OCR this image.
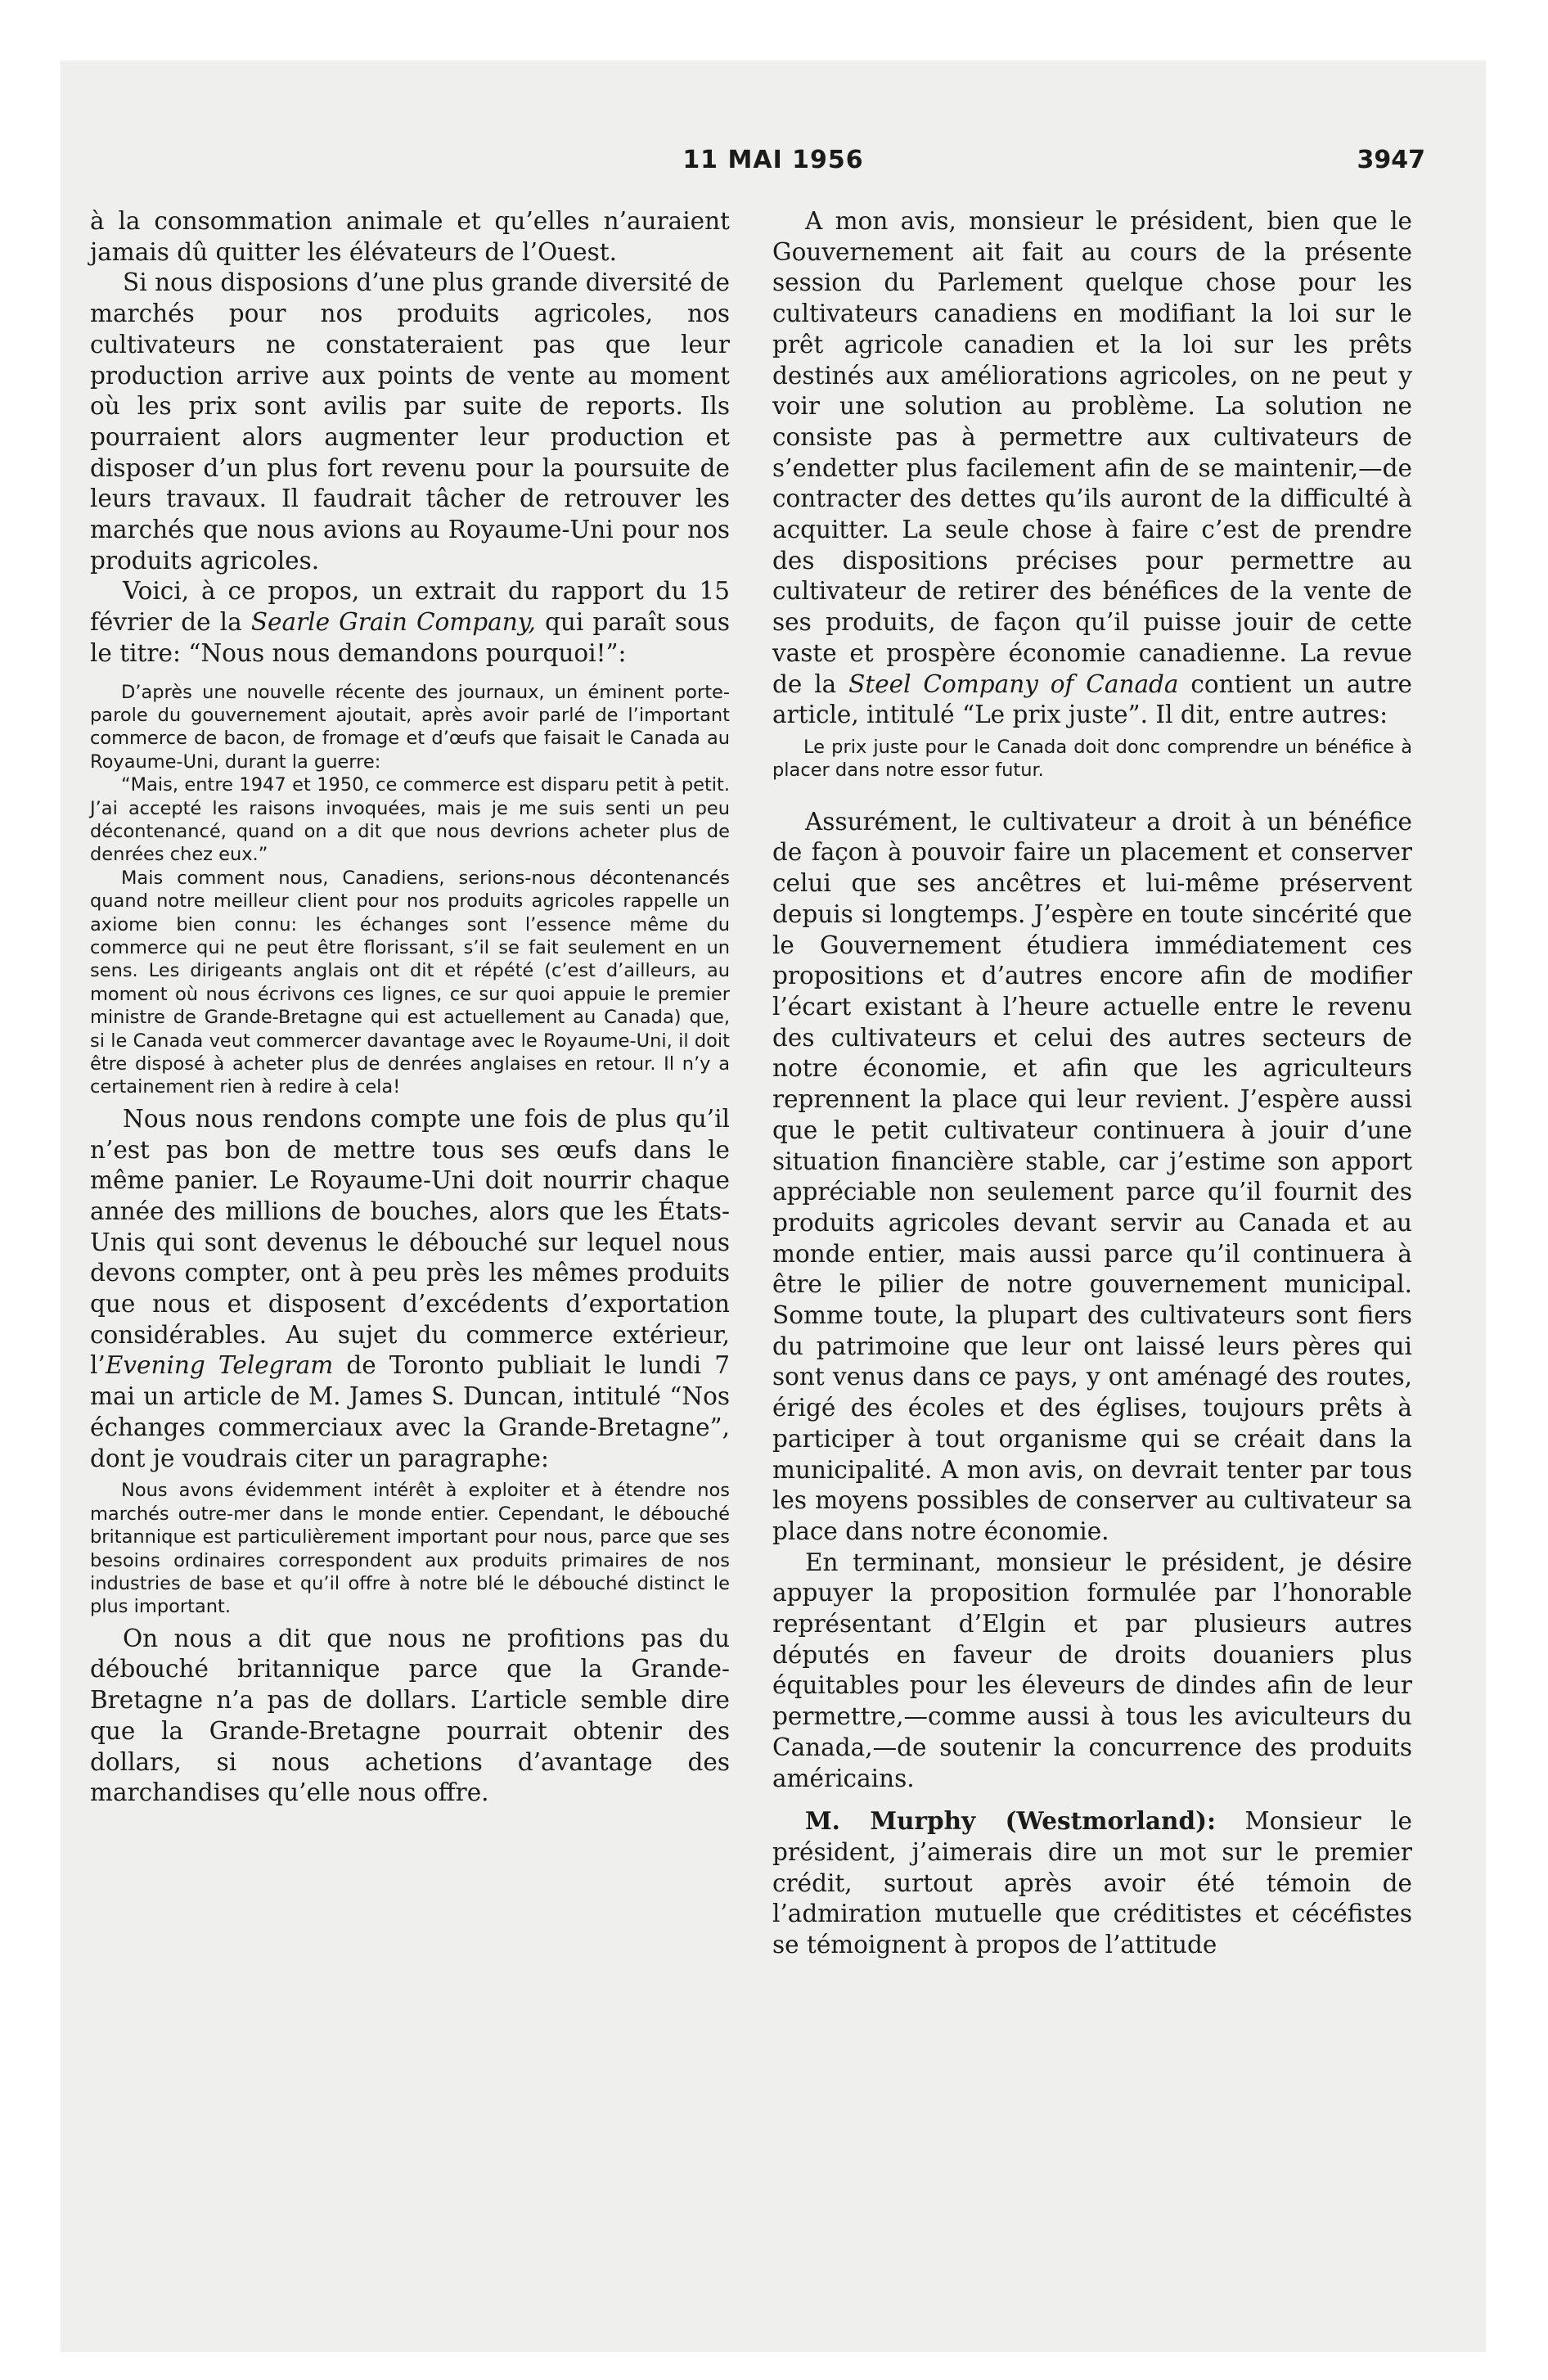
11 MAI 1956	3947

à la consommation animale et qu’elles n’auraient jamais dû quitter les élévateurs de l’Ouest.

Si nous disposions d’une plus grande diversité de marchés pour nos produits agricoles, nos cultivateurs ne constateraient pas que leur production arrive aux points de vente au moment où les prix sont avilis par suite de reports. Ils pourraient alors augmenter leur production et disposer d’un plus fort revenu pour la poursuite de leurs travaux. Il faudrait tâcher de retrouver les marchés que nous avions au Royaume-Uni pour nos produits agricoles.

Voici, à ce propos, un extrait du rapport du 15 février de la Searle Grain Company, qui paraît sous le titre: “Nous nous demandons pourquoi!”:

D’après une nouvelle récente des journaux, un éminent porte-parole du gouvernement ajoutait, après avoir parlé de l’important commerce de bacon, de fromage et d’œufs que faisait le Canada au Royaume-Uni, durant la guerre:

“Mais, entre 1947 et 1950, ce commerce est disparu petit à petit. J’ai accepté les raisons invoquées, mais je me suis senti un peu décontenancé, quand on a dit que nous devrions acheter plus de denrées chez eux.”

Mais comment nous, Canadiens, serions-nous décontenancés quand notre meilleur client pour nos produits agricoles rappelle un axiome bien connu: les échanges sont l’essence même du commerce qui ne peut être florissant, s’il se fait seulement en un sens. Les dirigeants anglais ont dit et répété (c’est d’ailleurs, au moment où nous écrivons ces lignes, ce sur quoi appuie le premier ministre de Grande-Bretagne qui est actuellement au Canada) que, si le Canada veut commercer davantage avec le Royaume-Uni, il doit être disposé à acheter plus de denrées anglaises en retour. Il n’y a certainement rien à redire à cela!

Nous nous rendons compte une fois de plus qu’il n’est pas bon de mettre tous ses œufs dans le même panier. Le Royaume-Uni doit nourrir chaque année des millions de bouches, alors que les États-Unis qui sont devenus le débouché sur lequel nous devons compter, ont à peu près les mêmes produits que nous et disposent d’excédents d’exportation considérables. Au sujet du commerce extérieur, l’Evening Telegram de Toronto publiait le lundi 7 mai un article de M. James S. Duncan, intitulé “Nos échanges commerciaux avec la Grande-Bretagne”, dont je voudrais citer un paragraphe:

Nous avons évidemment intérêt à exploiter et à étendre nos marchés outre-mer dans le monde entier. Cependant, le débouché britannique est particulièrement important pour nous, parce que ses besoins ordinaires correspondent aux produits primaires de nos industries de base et qu’il offre à notre blé le débouché distinct le plus important.

On nous a dit que nous ne profitions pas du débouché britannique parce que la Grande-Bretagne n’a pas de dollars. L’article semble dire que la Grande-Bretagne pourrait obtenir des dollars, si nous achetions d’avantage des marchandises qu’elle nous offre.

A mon avis, monsieur le président, bien que le Gouvernement ait fait au cours de la présente session du Parlement quelque chose pour les cultivateurs canadiens en modifiant la loi sur le prêt agricole canadien et la loi sur les prêts destinés aux améliorations agricoles, on ne peut y voir une solution au problème. La solution ne consiste pas à permettre aux cultivateurs de s’endetter plus facilement afin de se maintenir,—de contracter des dettes qu’ils auront de la difficulté à acquitter. La seule chose à faire c’est de prendre des dispositions précises pour permettre au cultivateur de retirer des bénéfices de la vente de ses produits, de façon qu’il puisse jouir de cette vaste et prospère économie canadienne. La revue de la Steel Company of Canada contient un autre article, intitulé “Le prix juste”. Il dit, entre autres:

Le prix juste pour le Canada doit donc comprendre un bénéfice à placer dans notre essor futur.

Assurément, le cultivateur a droit à un bénéfice de façon à pouvoir faire un placement et conserver celui que ses ancêtres et lui-même préservent depuis si longtemps. J’espère en toute sincérité que le Gouvernement étudiera immédiatement ces propositions et d’autres encore afin de modifier l’écart existant à l’heure actuelle entre le revenu des cultivateurs et celui des autres secteurs de notre économie, et afin que les agriculteurs reprennent la place qui leur revient. J’espère aussi que le petit cultivateur continuera à jouir d’une situation financière stable, car j’estime son apport appréciable non seulement parce qu’il fournit des produits agricoles devant servir au Canada et au monde entier, mais aussi parce qu’il continuera à être le pilier de notre gouvernement municipal. Somme toute, la plupart des cultivateurs sont fiers du patrimoine que leur ont laissé leurs pères qui sont venus dans ce pays, y ont aménagé des routes, érigé des écoles et des églises, toujours prêts à participer à tout organisme qui se créait dans la municipalité. A mon avis, on devrait tenter par tous les moyens possibles de conserver au cultivateur sa place dans notre économie.

En terminant, monsieur le président, je désire appuyer la proposition formulée par l’honorable représentant d’Elgin et par plusieurs autres députés en faveur de droits douaniers plus équitables pour les éleveurs de dindes afin de leur permettre,—comme aussi à tous les aviculteurs du Canada,—de soutenir la concurrence des produits américains.

M. Murphy (Westmorland): Monsieur le président, j’aimerais dire un mot sur le premier crédit, surtout après avoir été témoin de l’admiration mutuelle que créditistes et cécéfistes se témoignent à propos de l’attitude
